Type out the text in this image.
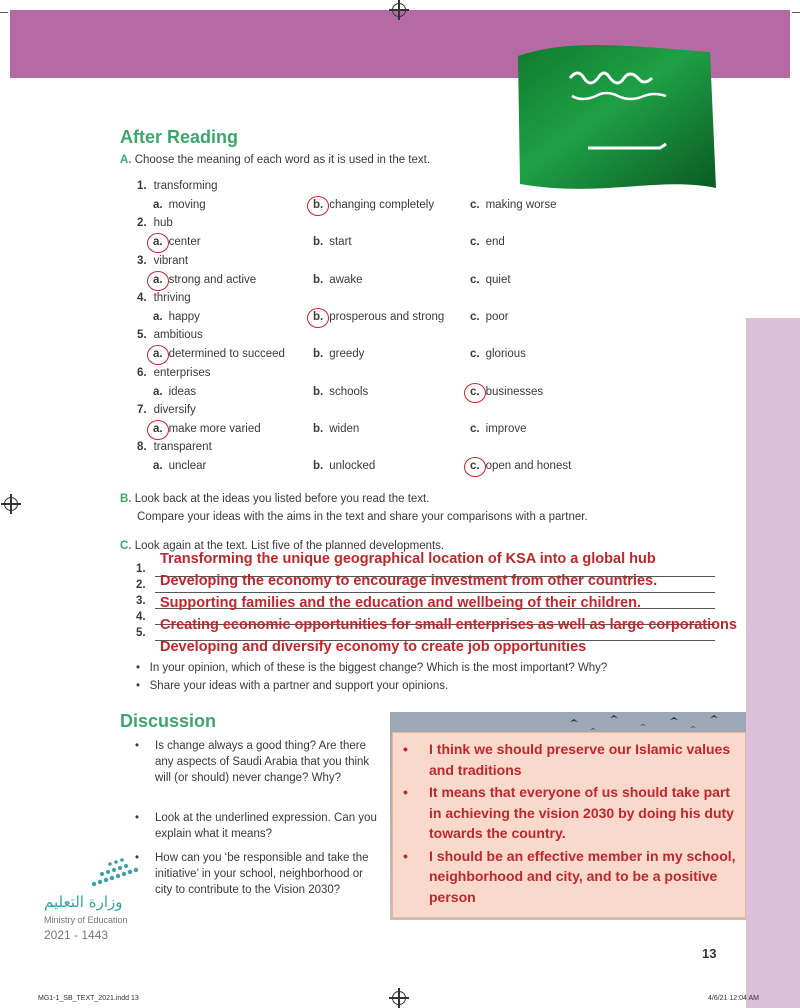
After Reading
A. Choose the meaning of each word as it is used in the text.
1. transforming
a. moving	b. changing completely	c. making worse
2. hub
a. center	b. start	c. end
3. vibrant
a. strong and active	b. awake	c. quiet
4. thriving
a. happy	b. prosperous and strong c. poor
5. ambitious
a. determined to succeed b. greedy	c. glorious
6. enterprises
a. ideas	b. schools	c. businesses
7. diversify
a. make more varied	b. widen	c. improve
8. transparent
a. unclear	b. unlocked	c. open and honest
B. Look back at the ideas you listed before you read the text.
Compare your ideas with the aims in the text and share your comparisons with a partner.
C. Look again at the text. List five of the planned developments.
1.
2.
3.
4.
5.
Transforming the unique geographical location of KSA into a global hub
Developing the economy to encourage investment from other countries.
Supporting families and the education and wellbeing of their children.
Creating economic opportunities for small enterprises as well as large corporations
Developing and diversify economy to create job opportunities
•   In your opinion, which of these is the biggest change? Which is the most important? Why?
•   Share your ideas with a partner and support your opinions.
Discussion
• Is change always a good thing? Are there any aspects of Saudi Arabia that you think will (or should) never change? Why?
• Look at the underlined expression. Can you explain what it means?
• How can you ‘be responsible and take the initiative’ in your school, neighborhood or city to contribute to the Vision 2030?
• I think we should preserve our Islamic values and traditions
• It means that everyone of us should take part in achieving the vision 2030 by doing his duty towards the country.
• I should be an effective member in my school, neighborhood and city, and to be a positive person
وزارة التعليم
Ministry of Education
2021 - 1443
13
MG1-1_SB_TEXT_2021.indd 13	4/6/21 12:04 AM
